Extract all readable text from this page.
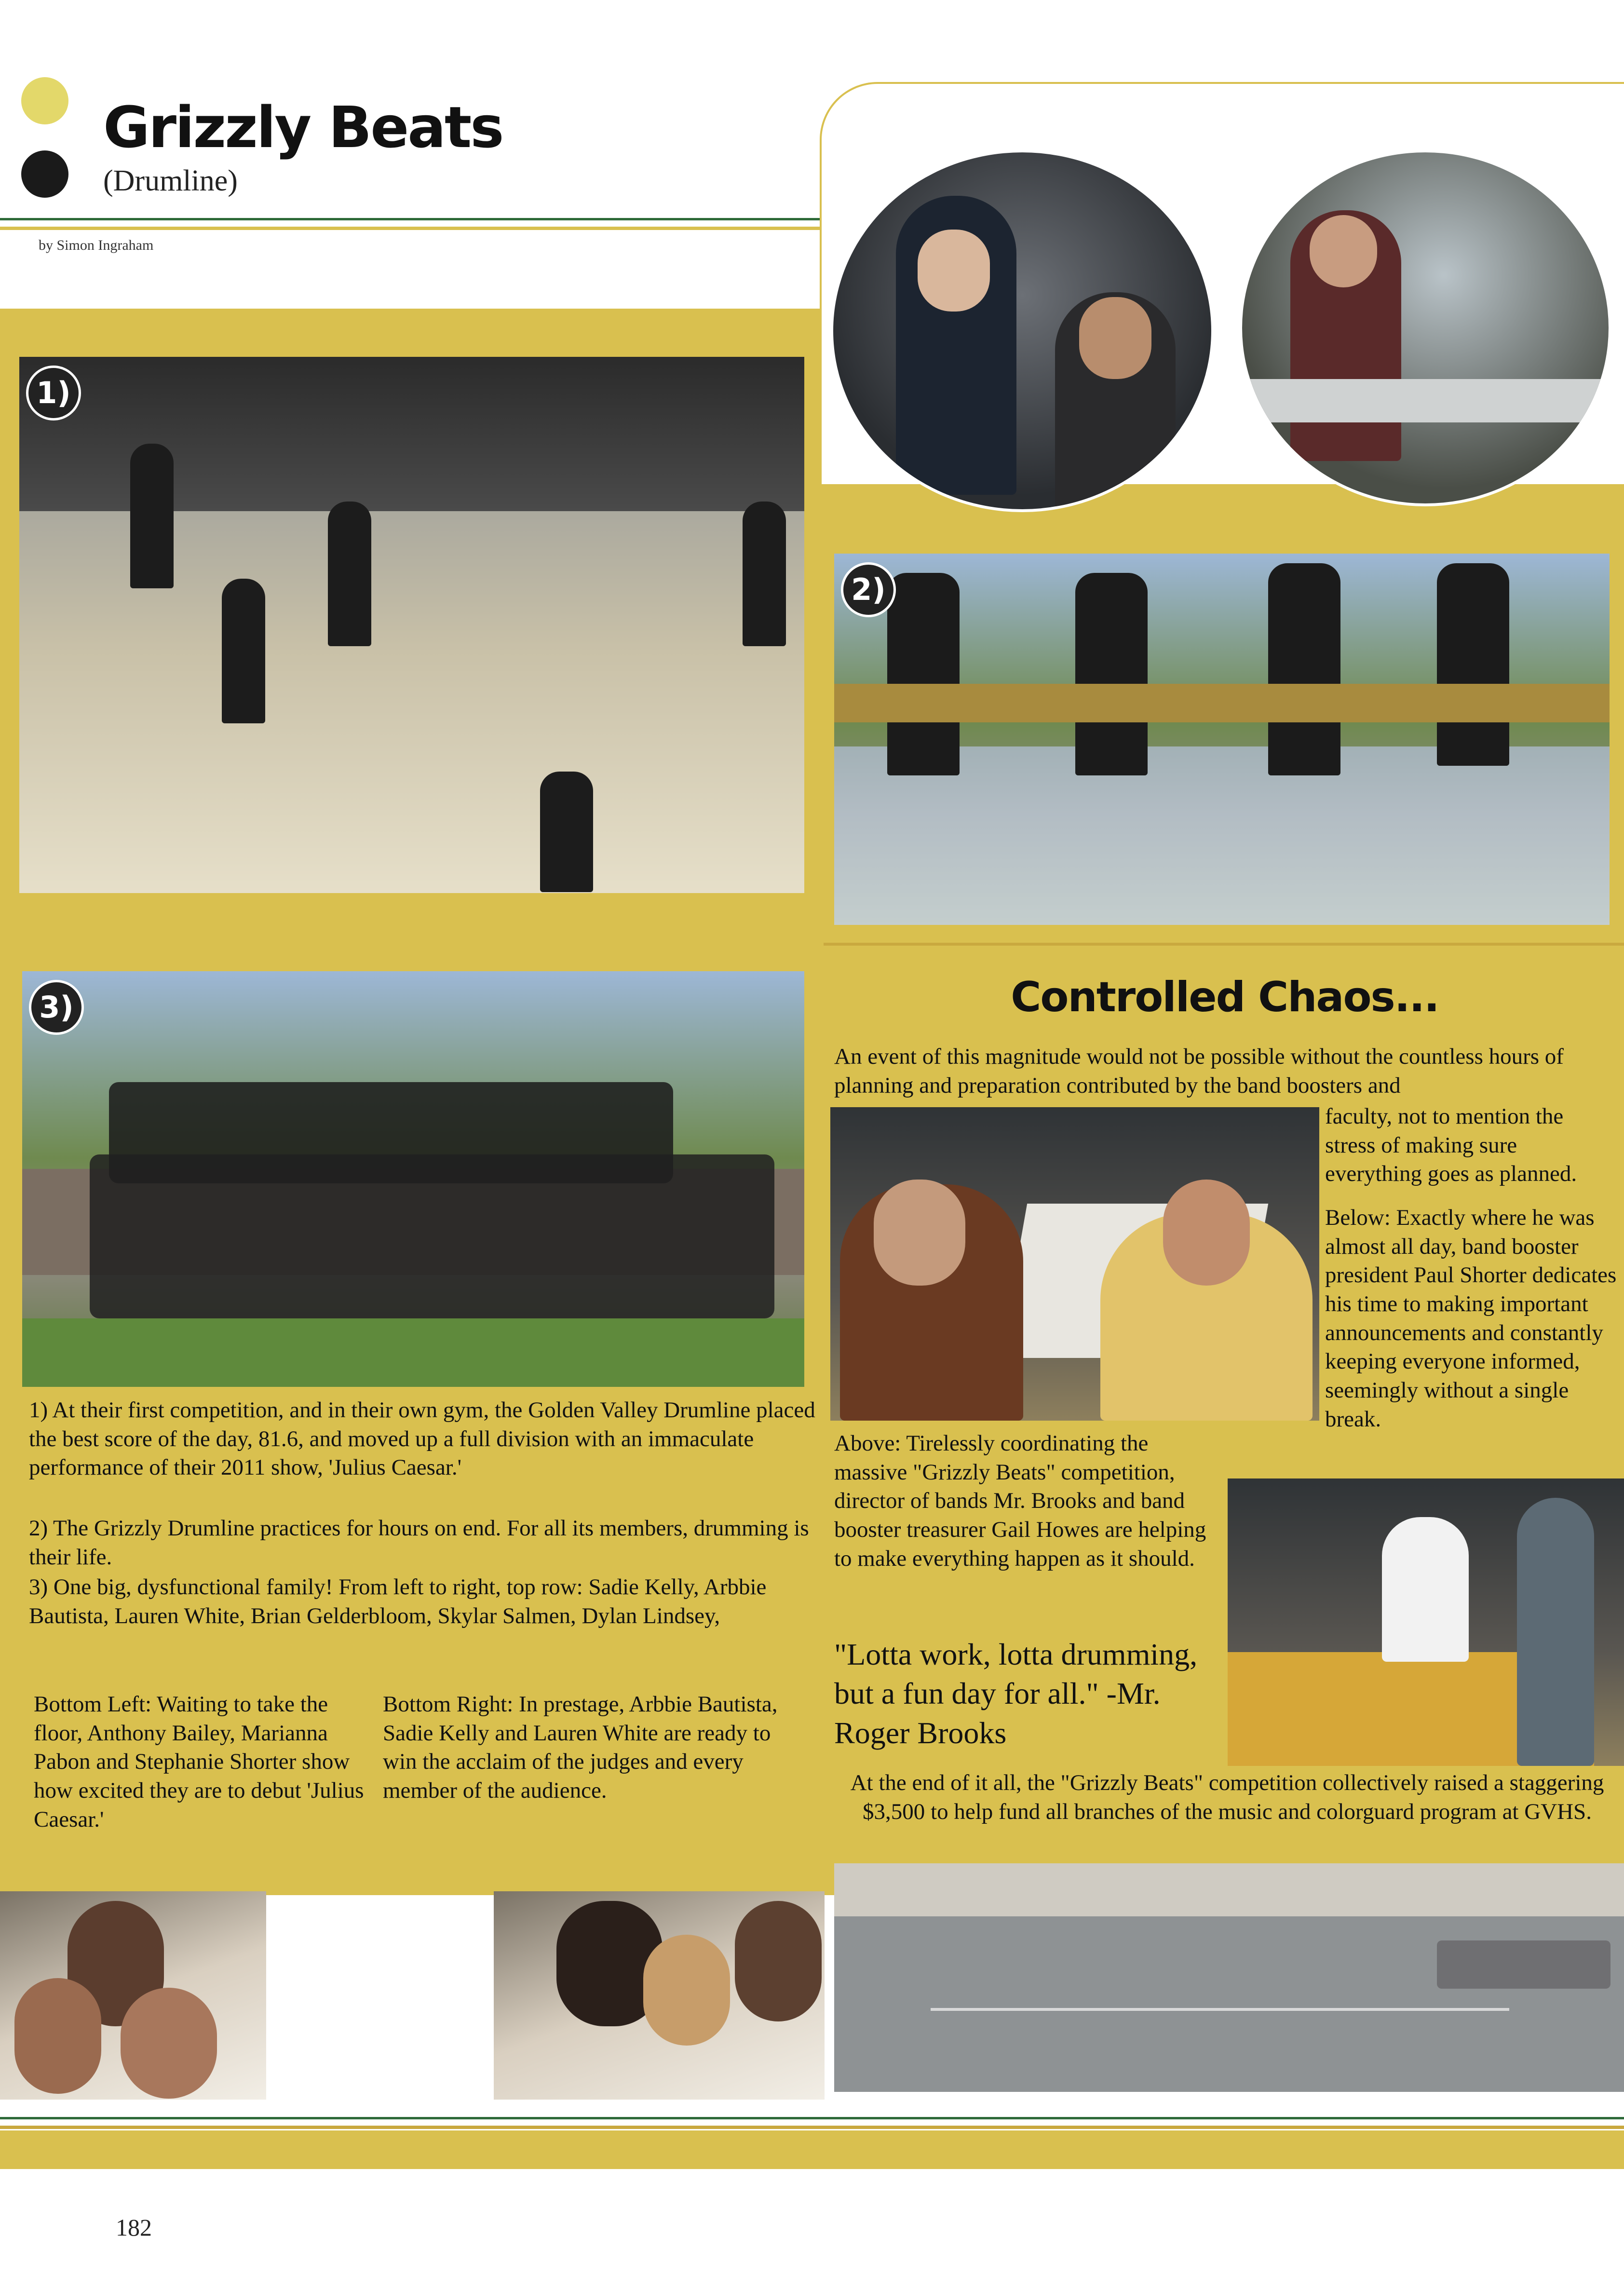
Grizzly Beats
(Drumline)
by Simon Ingraham
1)
2)
3)
1) At their first competition, and in their own gym, the Golden Valley Drumline placed the best score of the day, 81.6, and moved up a full division with an immaculate performance of their 2011 show, 'Julius Caesar.'
2) The Grizzly Drumline practices for hours on end. For all its members, drumming is their life.
3) One big, dysfunctional family! From left to right, top row: Sadie Kelly, Arbbie Bautista, Lauren White, Brian Gelderbloom, Skylar Salmen, Dylan Lindsey,
Bottom Left: Waiting to take the floor, Anthony Bailey, Marianna Pabon and Stephanie Shorter show how excited they are to debut 'Julius Caesar.'
Bottom Right: In prestage, Arbbie Bautista, Sadie Kelly and Lauren White are ready to win the acclaim of the judges and every member of the audience.
Controlled Chaos...
An event of this magnitude would not be possible without the countless hours of planning and preparation contributed by the band boosters and
faculty, not to mention the stress of making sure everything goes as planned.
Below: Exactly where he was almost all day, band booster president Paul Shorter dedicates his time to making important announcements and constantly keeping everyone informed, seemingly without a single break.
Above: Tirelessly coordinating the massive "Grizzly Beats" competition, director of bands Mr. Brooks and band booster treasurer Gail Howes are helping to make everything happen as it should.
"Lotta work, lotta drumming, but a fun day for all." -Mr. Roger Brooks
At the end of it all, the "Grizzly Beats" competition collectively raised a staggering $3,500 to help fund all branches of the music and colorguard program at GVHS.
182
